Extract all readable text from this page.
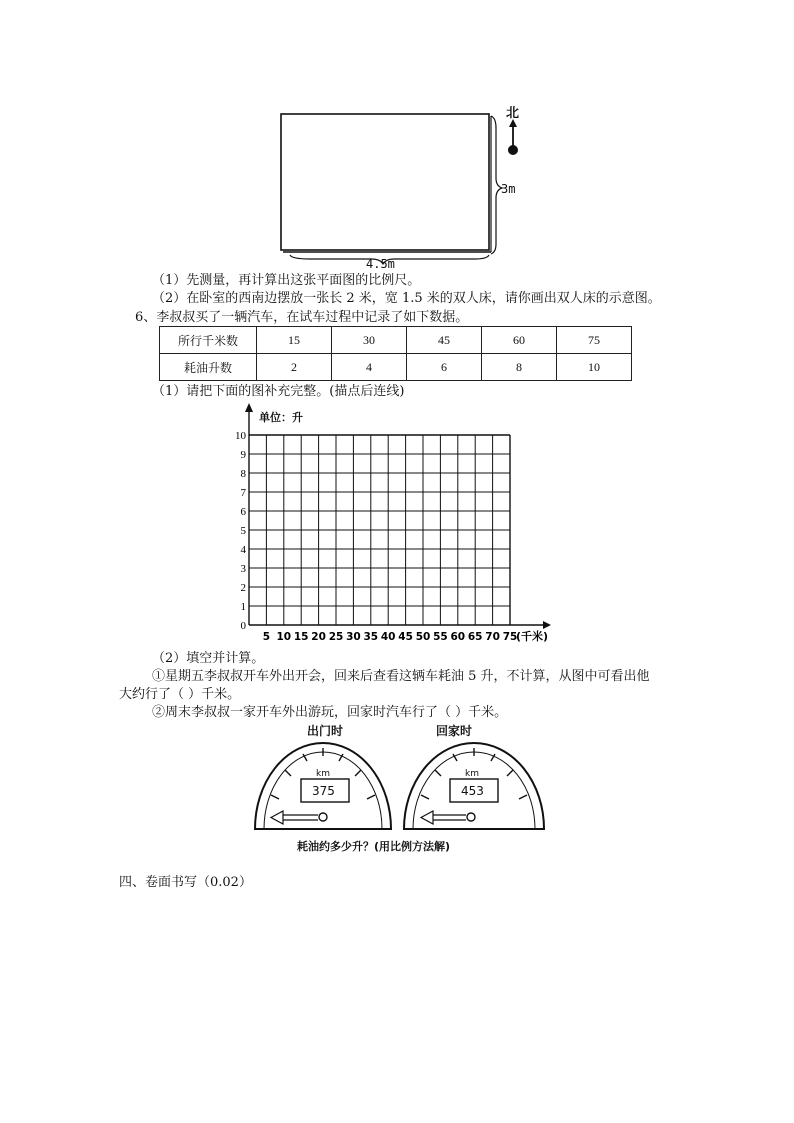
北
3m
4.5m
（1）先测量，再计算出这张平面图的比例尺。
（2）在卧室的西南边摆放一张长 2 米，宽 1.5 米的双人床，请你画出双人床的示意图。
6、李叔叔买了一辆汽车，在试车过程中记录了如下数据。
所行千米数	15	30	45	60	75
耗油升数	2	4	6	8	10
（1）请把下面的图补充完整。(描点后连线)
0
1
2
3
4
5
6
7
8
9
10
5 10 15 20 25 30 35 40 45 50 55 60 65 70 75
(千米)
单位：升
（2）填空并计算。
①星期五李叔叔开车外出开会，回来后查看这辆车耗油 5 升，不计算，从图中可看出他
大约行了（ ）千米。
②周末李叔叔一家开车外出游玩，回家时汽车行了（ ）千米。
出门时	回家时
km
375
km
453
耗油约多少升？(用比例方法解)
四、卷面书写（0.02）
